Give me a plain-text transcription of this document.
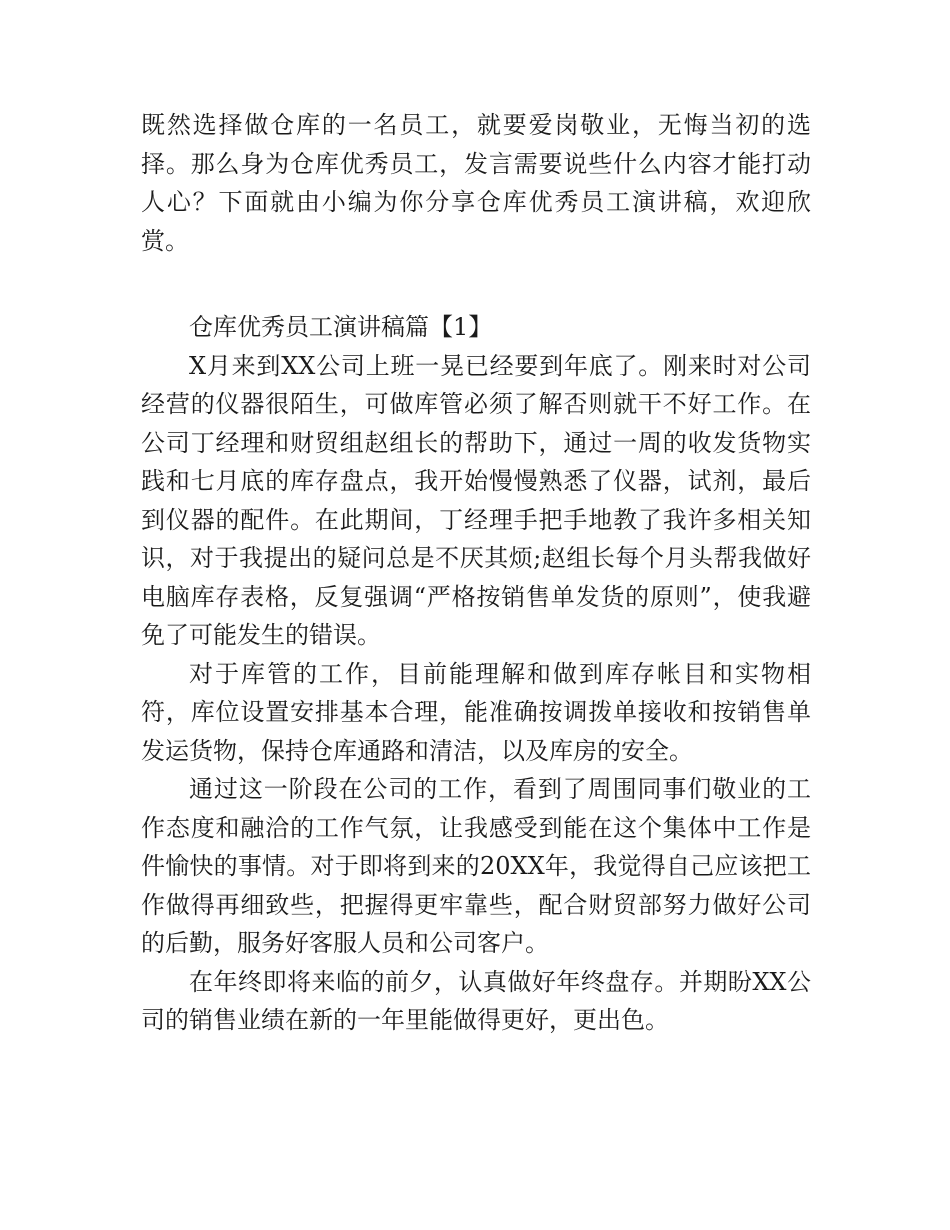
既然选择做仓库的一名员工，就要爱岗敬业，无悔当初的选择。那么身为仓库优秀员工，发言需要说些什么内容才能打动人心？下面就由小编为你分享仓库优秀员工演讲稿，欢迎欣赏。

仓库优秀员工演讲稿篇【1】

X月来到XX公司上班一晃已经要到年底了。刚来时对公司经营的仪器很陌生，可做库管必须了解否则就干不好工作。在公司丁经理和财贸组赵组长的帮助下，通过一周的收发货物实践和七月底的库存盘点，我开始慢慢熟悉了仪器，试剂，最后到仪器的配件。在此期间，丁经理手把手地教了我许多相关知识，对于我提出的疑问总是不厌其烦;赵组长每个月头帮我做好电脑库存表格，反复强调“严格按销售单发货的原则”，使我避免了可能发生的错误。

对于库管的工作，目前能理解和做到库存帐目和实物相符，库位设置安排基本合理，能准确按调拨单接收和按销售单发运货物，保持仓库通路和清洁，以及库房的安全。

通过这一阶段在公司的工作，看到了周围同事们敬业的工作态度和融洽的工作气氛，让我感受到能在这个集体中工作是件愉快的事情。对于即将到来的20XX年，我觉得自己应该把工作做得再细致些，把握得更牢靠些，配合财贸部努力做好公司的后勤，服务好客服人员和公司客户。

在年终即将来临的前夕，认真做好年终盘存。并期盼XX公司的销售业绩在新的一年里能做得更好，更出色。
